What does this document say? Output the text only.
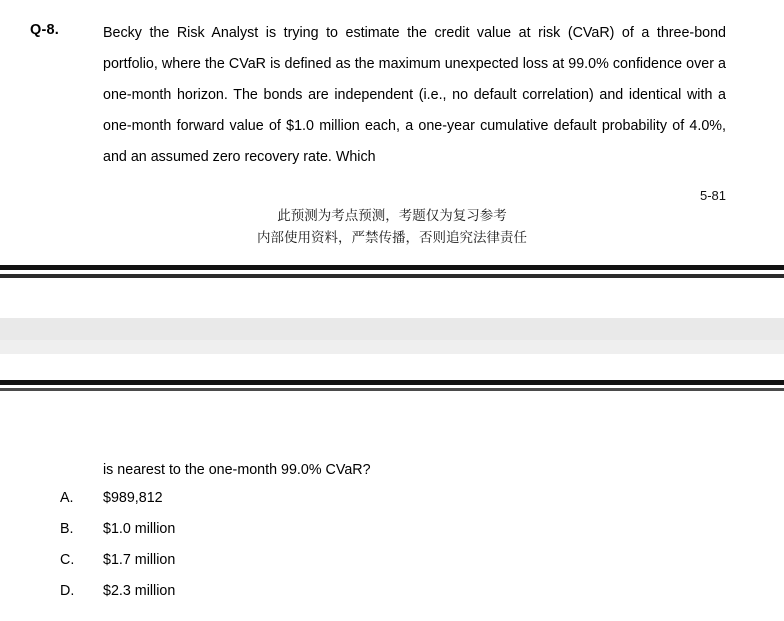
Q-8.	Becky the Risk Analyst is trying to estimate the credit value at risk (CVaR) of a three-bond portfolio, where the CVaR is defined as the maximum unexpected loss at 99.0% confidence over a one-month horizon. The bonds are independent (i.e., no default correlation) and identical with a one-month forward value of $1.0 million each, a one-year cumulative default probability of 4.0%, and an assumed zero recovery rate. Which
5-81
此预测为考点预测，考题仅为复习参考
内部使用资料，严禁传播，否则追究法律责任
is nearest to the one-month 99.0% CVaR?
A.	$989,812
B.	$1.0 million
C.	$1.7 million
D.	$2.3 million
